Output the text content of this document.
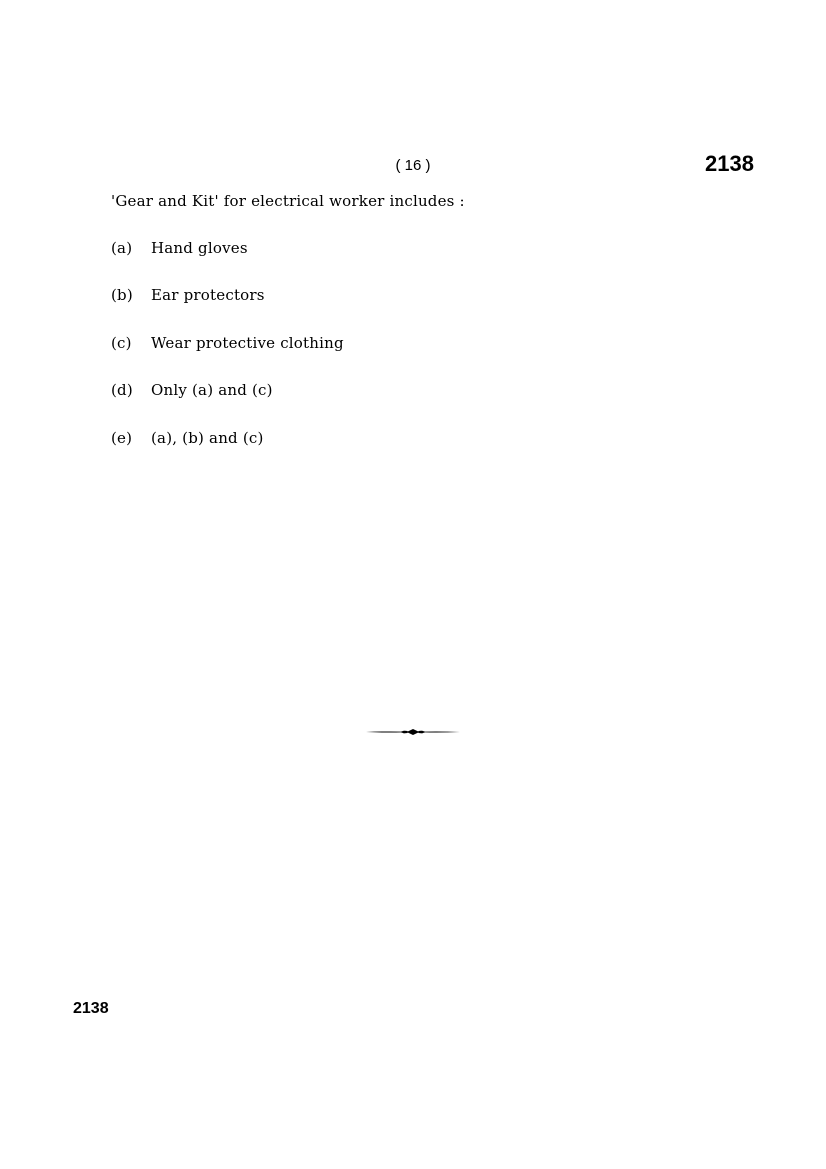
( 16 )	2138
'Gear and Kit' for electrical worker includes :
(a)	Hand gloves
(b)	Ear protectors
(c)	Wear protective clothing
(d)	Only (a) and (c)
(e)	(a), (b) and (c)
2138
